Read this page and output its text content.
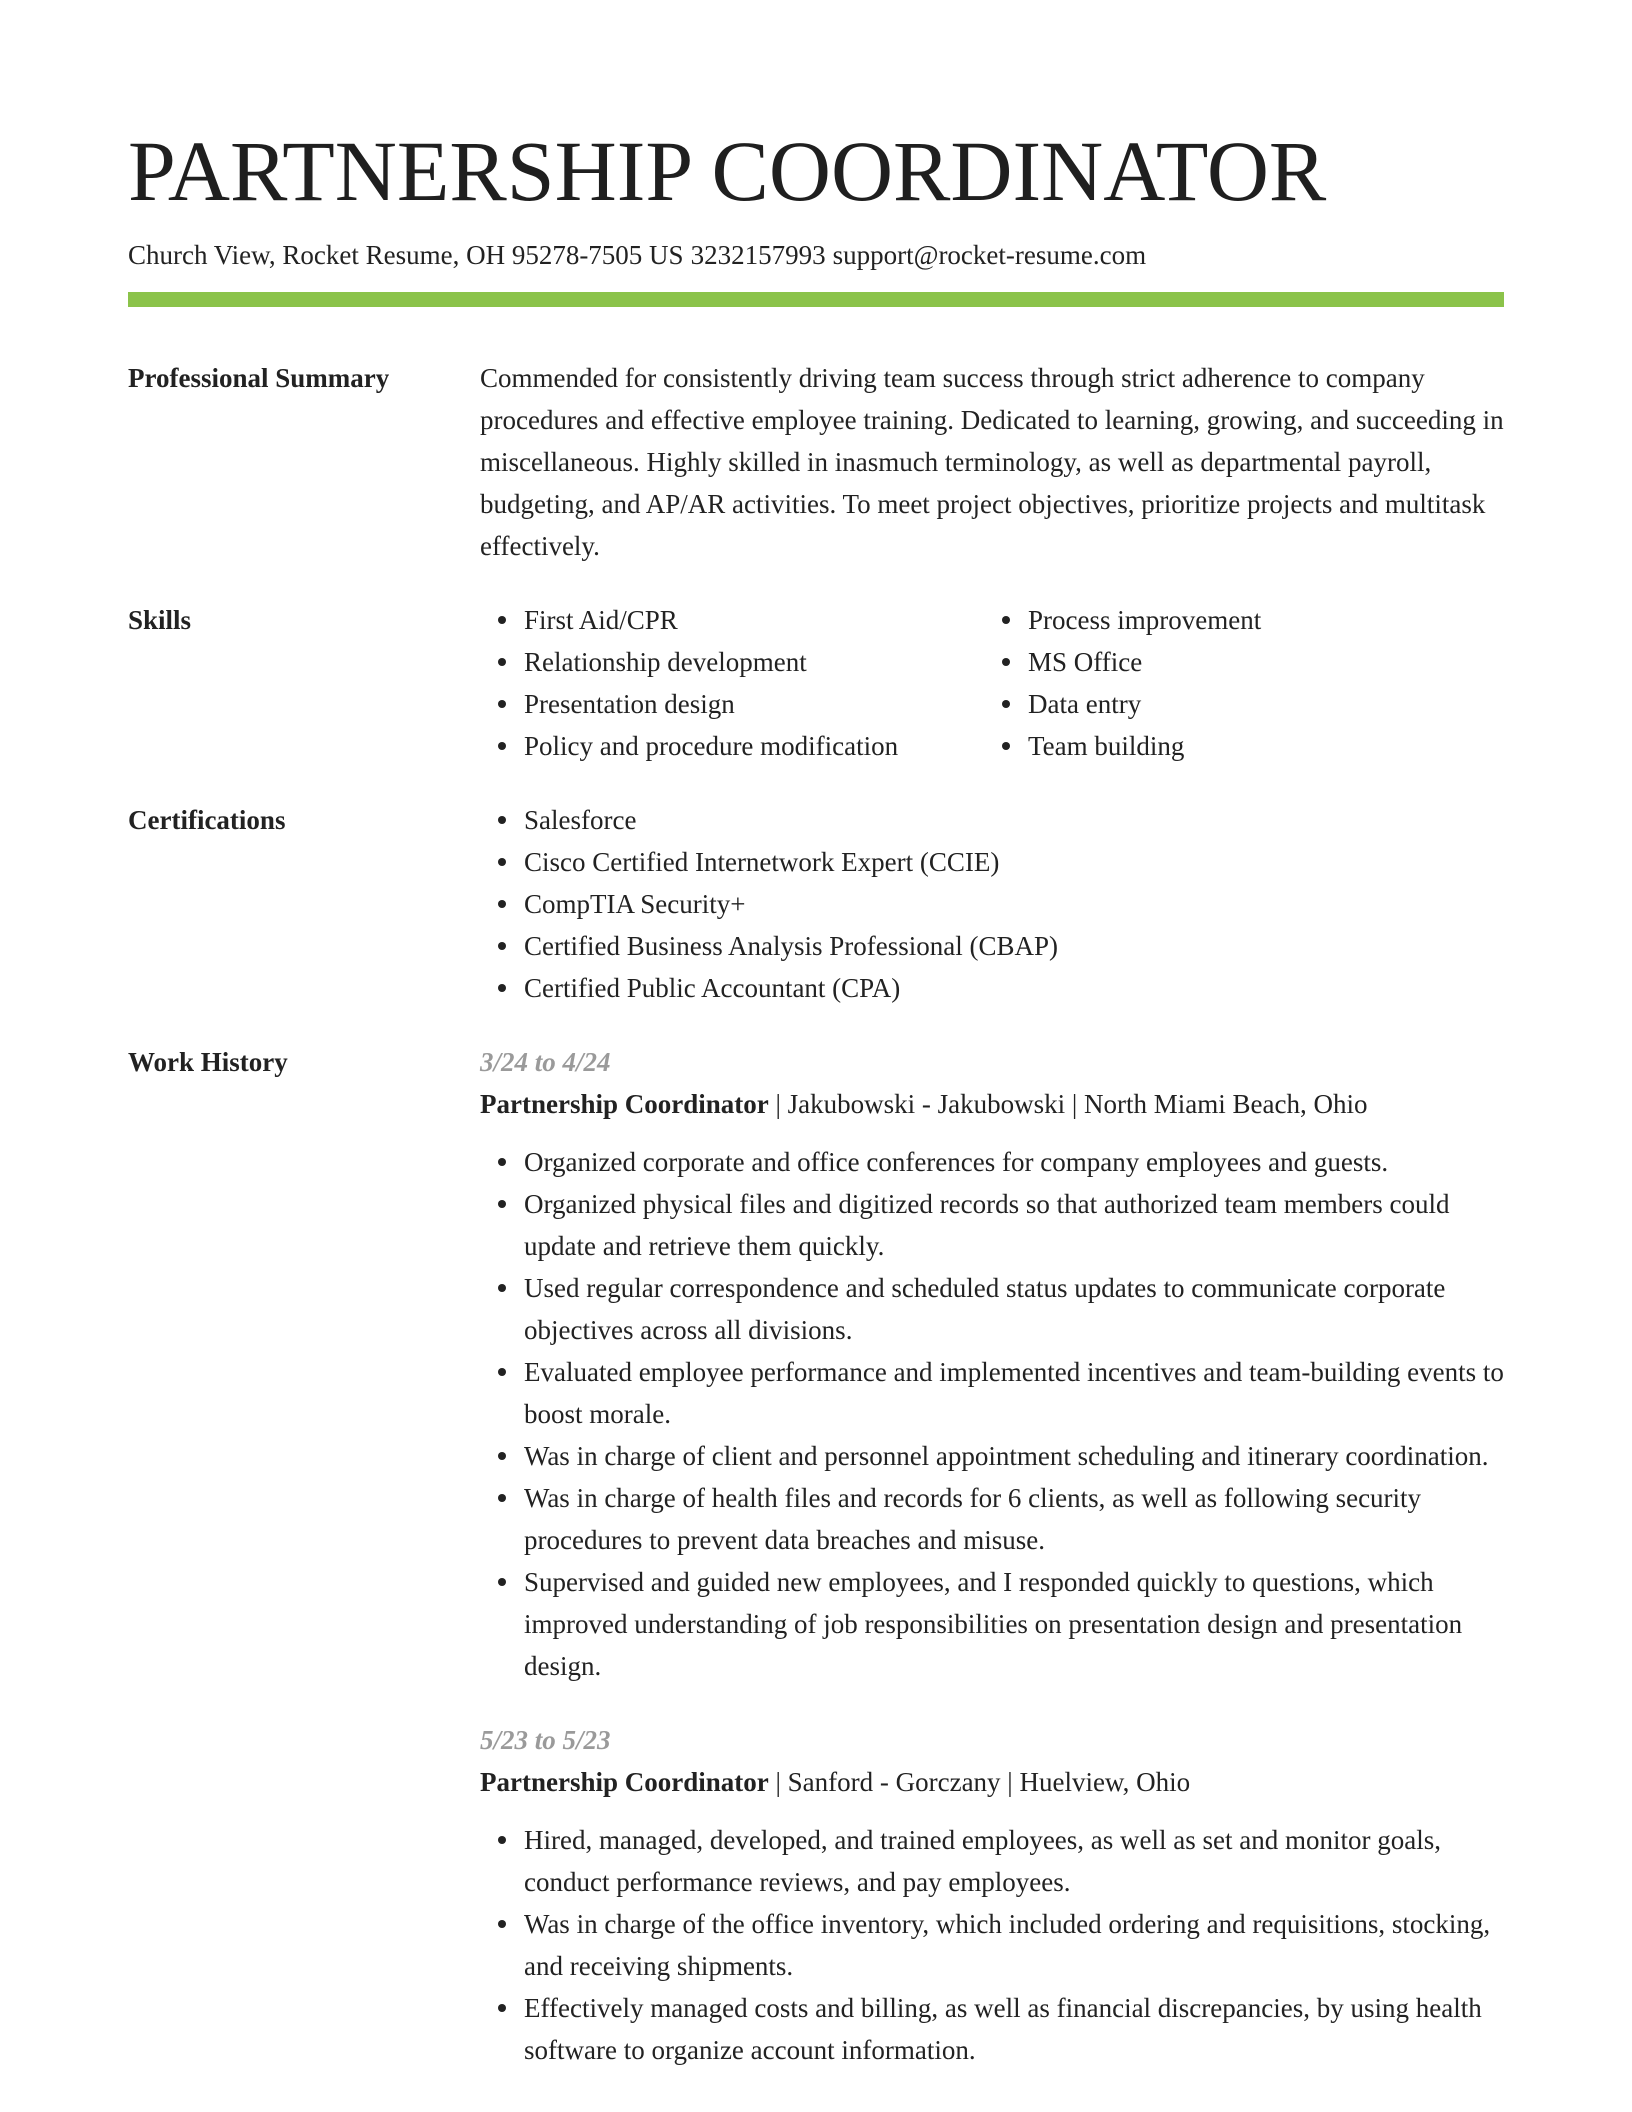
PARTNERSHIP COORDINATOR
Church View, Rocket Resume, OH 95278-7505 US 3232157993 support@rocket-resume.com
Professional Summary	Commended for consistently driving team success through strict adherence to company procedures and effective employee training. Dedicated to learning, growing, and succeeding in miscellaneous. Highly skilled in inasmuch terminology, as well as departmental payroll, budgeting, and AP/AR activities. To meet project objectives, prioritize projects and multitask effectively.

Skills	First Aid/CPR
Relationship development
Presentation design
Policy and procedure modification
Process improvement
MS Office
Data entry
Team building
Certifications	Salesforce
Cisco Certified Internetwork Expert (CCIE)
CompTIA Security+
Certified Business Analysis Professional (CBAP)
Certified Public Accountant (CPA)
Work History	3/24 to 4/24
Partnership Coordinator | Jakubowski - Jakubowski | North Miami Beach, Ohio
Organized corporate and office conferences for company employees and guests.
Organized physical files and digitized records so that authorized team members could update and retrieve them quickly.
Used regular correspondence and scheduled status updates to communicate corporate objectives across all divisions.
Evaluated employee performance and implemented incentives and team-building events to boost morale.
Was in charge of client and personnel appointment scheduling and itinerary coordination.
Was in charge of health files and records for 6 clients, as well as following security procedures to prevent data breaches and misuse.
Supervised and guided new employees, and I responded quickly to questions, which improved understanding of job responsibilities on presentation design and presentation design.
5/23 to 5/23
Partnership Coordinator | Sanford - Gorczany | Huelview, Ohio
Hired, managed, developed, and trained employees, as well as set and monitor goals, conduct performance reviews, and pay employees.
Was in charge of the office inventory, which included ordering and requisitions, stocking, and receiving shipments.
Effectively managed costs and billing, as well as financial discrepancies, by using health software to organize account information.
